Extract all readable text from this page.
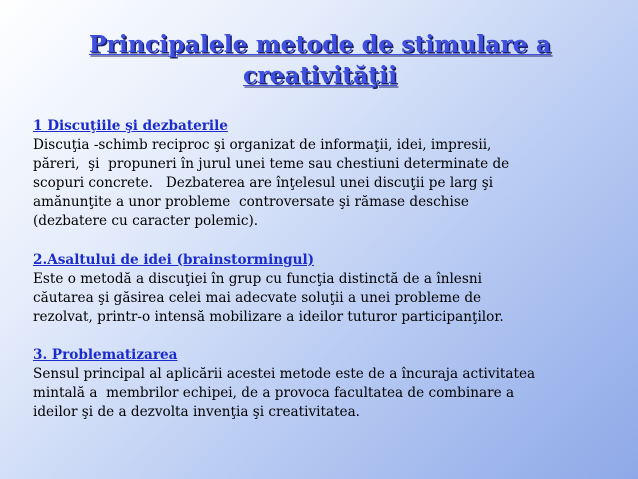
Principalele metode de stimulare a
creativităţii
1 Discuţiile şi dezbaterile
Discuţia -schimb reciproc şi organizat de informaţii, idei, impresii,
păreri,  şi  propuneri în jurul unei teme sau chestiuni determinate de
scopuri concrete.   Dezbaterea are înţelesul unei discuţii pe larg şi
amănunţite a unor probleme  controversate şi rămase deschise
(dezbatere cu caracter polemic).
2.Asaltului de idei (brainstormingul)
Este o metodă a discuţiei în grup cu funcţia distinctă de a înlesni
căutarea şi găsirea celei mai adecvate soluţii a unei probleme de
rezolvat, printr-o intensă mobilizare a ideilor tuturor participanţilor.
3. Problematizarea
Sensul principal al aplicării acestei metode este de a încuraja activitatea
mintală a  membrilor echipei, de a provoca facultatea de combinare a
ideilor şi de a dezvolta invenţia şi creativitatea.
